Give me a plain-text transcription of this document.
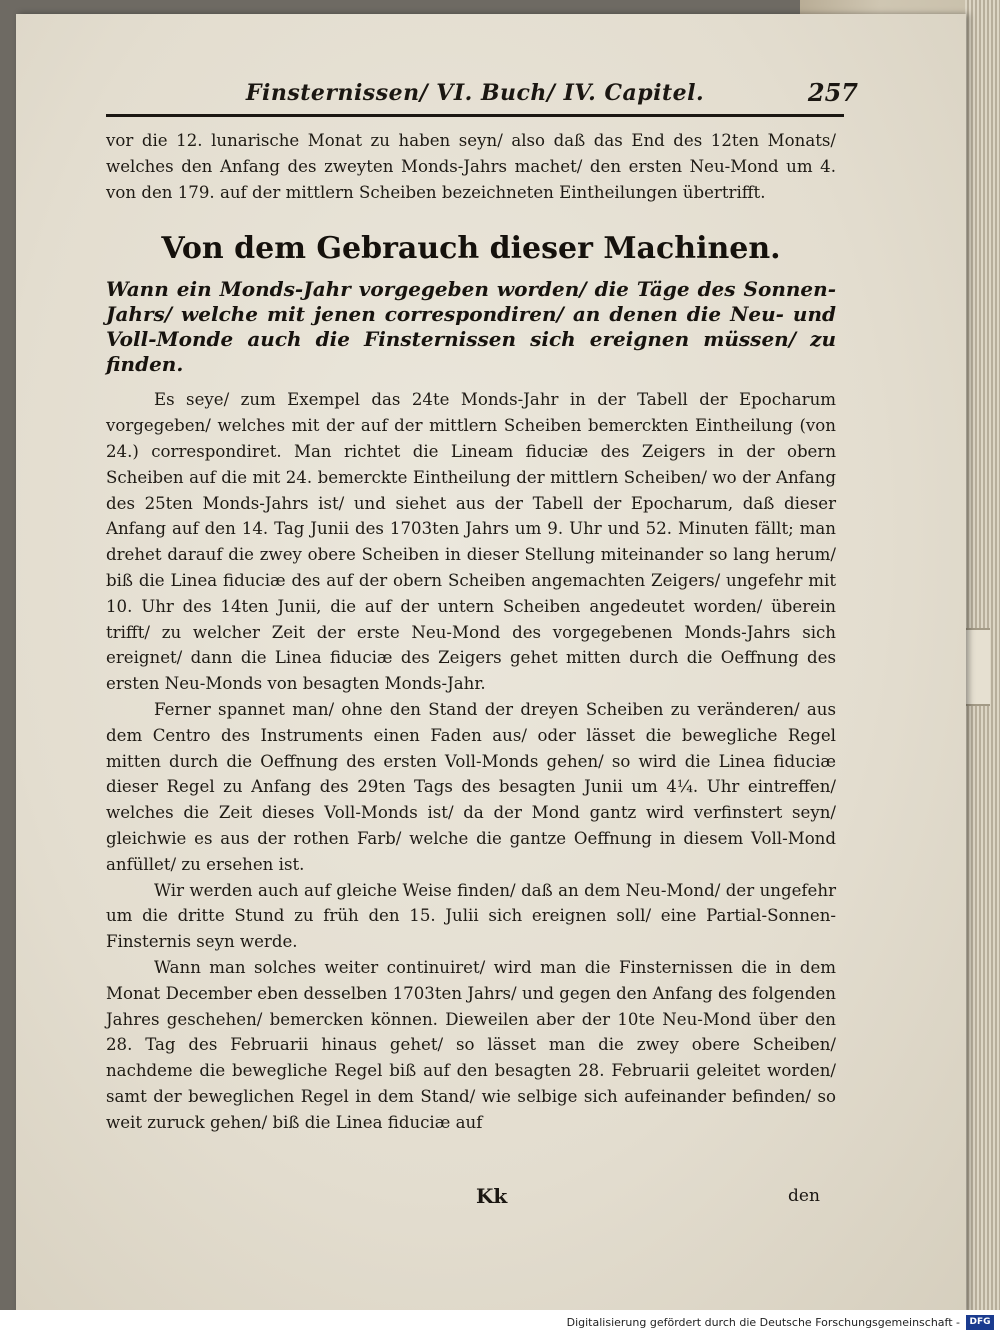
Finsternissen/ VI. Buch/ IV. Capitel.	257

vor die 12. lunarische Monat zu haben seyn/ also daß das End des 12ten Monats/ welches den Anfang des zweyten Monds-Jahrs machet/ den ersten Neu-Mond um 4. von den 179. auf der mittlern Scheiben bezeichneten Eintheilungen übertrifft.

Von dem Gebrauch dieser Machinen.

Wann ein Monds-Jahr vorgegeben worden/ die Täge des Sonnen-Jahrs/ welche mit jenen correspondiren/ an denen die Neu- und Voll-Monde auch die Finsternissen sich ereignen müssen/ zu finden.

Es seye/ zum Exempel das 24te Monds-Jahr in der Tabell der Epocharum vorgegeben/ welches mit der auf der mittlern Scheiben bemerckten Eintheilung (von 24.) correspondiret. Man richtet die Lineam fiduciæ des Zeigers in der obern Scheiben auf die mit 24. bemerckte Eintheilung der mittlern Scheiben/ wo der Anfang des 25ten Monds-Jahrs ist/ und siehet aus der Tabell der Epocharum, daß dieser Anfang auf den 14. Tag Junii des 1703ten Jahrs um 9. Uhr und 52. Minuten fällt; man drehet darauf die zwey obere Scheiben in dieser Stellung miteinander so lang herum/ biß die Linea fiduciæ des auf der obern Scheiben angemachten Zeigers/ ungefehr mit 10. Uhr des 14ten Junii, die auf der untern Scheiben angedeutet worden/ überein trifft/ zu welcher Zeit der erste Neu-Mond des vorgegebenen Monds-Jahrs sich ereignet/ dann die Linea fiduciæ des Zeigers gehet mitten durch die Oeffnung des ersten Neu-Monds von besagten Monds-Jahr.

Ferner spannet man/ ohne den Stand der dreyen Scheiben zu veränderen/ aus dem Centro des Instruments einen Faden aus/ oder lässet die bewegliche Regel mitten durch die Oeffnung des ersten Voll-Monds gehen/ so wird die Linea fiduciæ dieser Regel zu Anfang des 29ten Tags des besagten Junii um 4¼. Uhr eintreffen/ welches die Zeit dieses Voll-Monds ist/ da der Mond gantz wird verfinstert seyn/ gleichwie es aus der rothen Farb/ welche die gantze Oeffnung in diesem Voll-Mond anfüllet/ zu ersehen ist.

Wir werden auch auf gleiche Weise finden/ daß an dem Neu-Mond/ der ungefehr um die dritte Stund zu früh den 15. Julii sich ereignen soll/ eine Partial-Sonnen-Finsternis seyn werde.

Wann man solches weiter continuiret/ wird man die Finsternissen die in dem Monat December eben desselben 1703ten Jahrs/ und gegen den Anfang des folgenden Jahres geschehen/ bemercken können. Dieweilen aber der 10te Neu-Mond über den 28. Tag des Februarii hinaus gehet/ so lässet man die zwey obere Scheiben/ nachdeme die bewegliche Regel biß auf den besagten 28. Februarii geleitet worden/ samt der beweglichen Regel in dem Stand/ wie selbige sich aufeinander befinden/ so weit zuruck gehen/ biß die Linea fiduciæ auf

Kk	den
Digitalisierung gefördert durch die Deutsche Forschungsgemeinschaft -	DFG
